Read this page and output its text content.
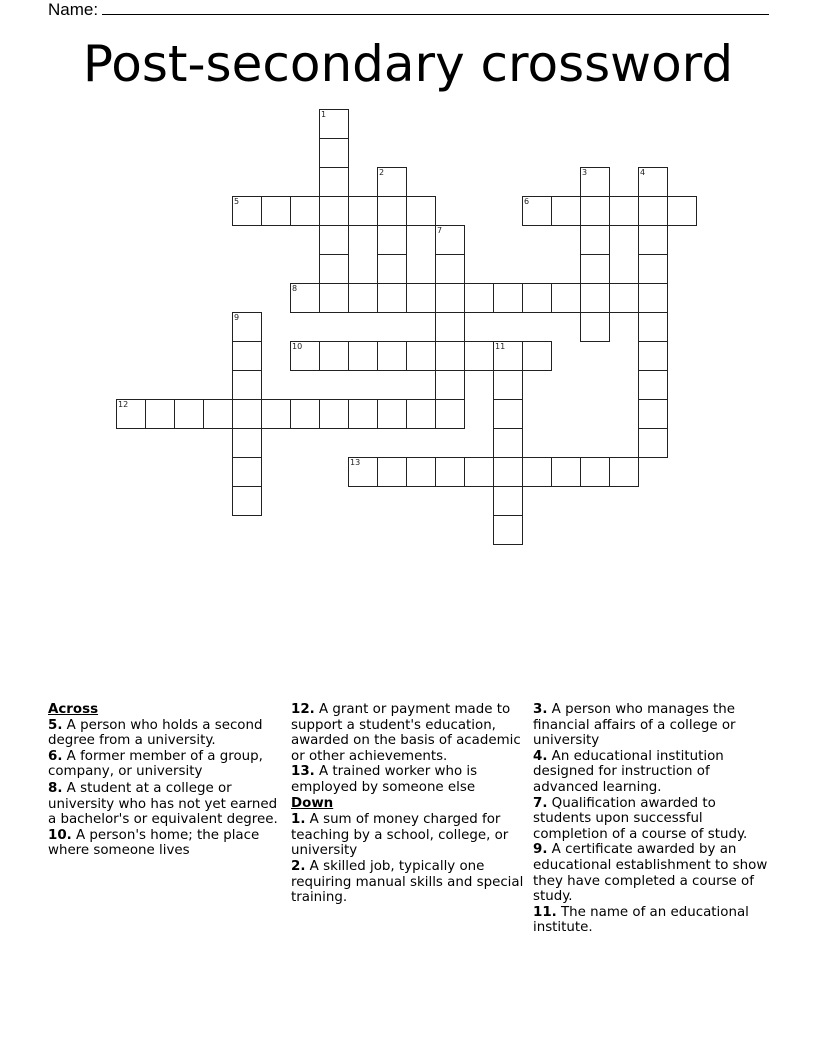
Name:
Post-secondary crossword
1
2	3	4
5	6
7
8
9
10	11
12
13
Across
5. A person who holds a second degree from a university.
6. A former member of a group, company, or university
8. A student at a college or university who has not yet earned a bachelor's or equivalent degree.
10. A person's home; the place where someone lives
12. A grant or payment made to support a student's education, awarded on the basis of academic or other achievements.
13. A trained worker who is employed by someone else
Down
1. A sum of money charged for teaching by a school, college, or university
2. A skilled job, typically one requiring manual skills and special training.
3. A person who manages the financial affairs of a college or university
4. An educational institution designed for instruction of advanced learning.
7. Qualification awarded to students upon successful completion of a course of study.
9. A certificate awarded by an educational establishment to show they have completed a course of study.
11. The name of an educational institute.
